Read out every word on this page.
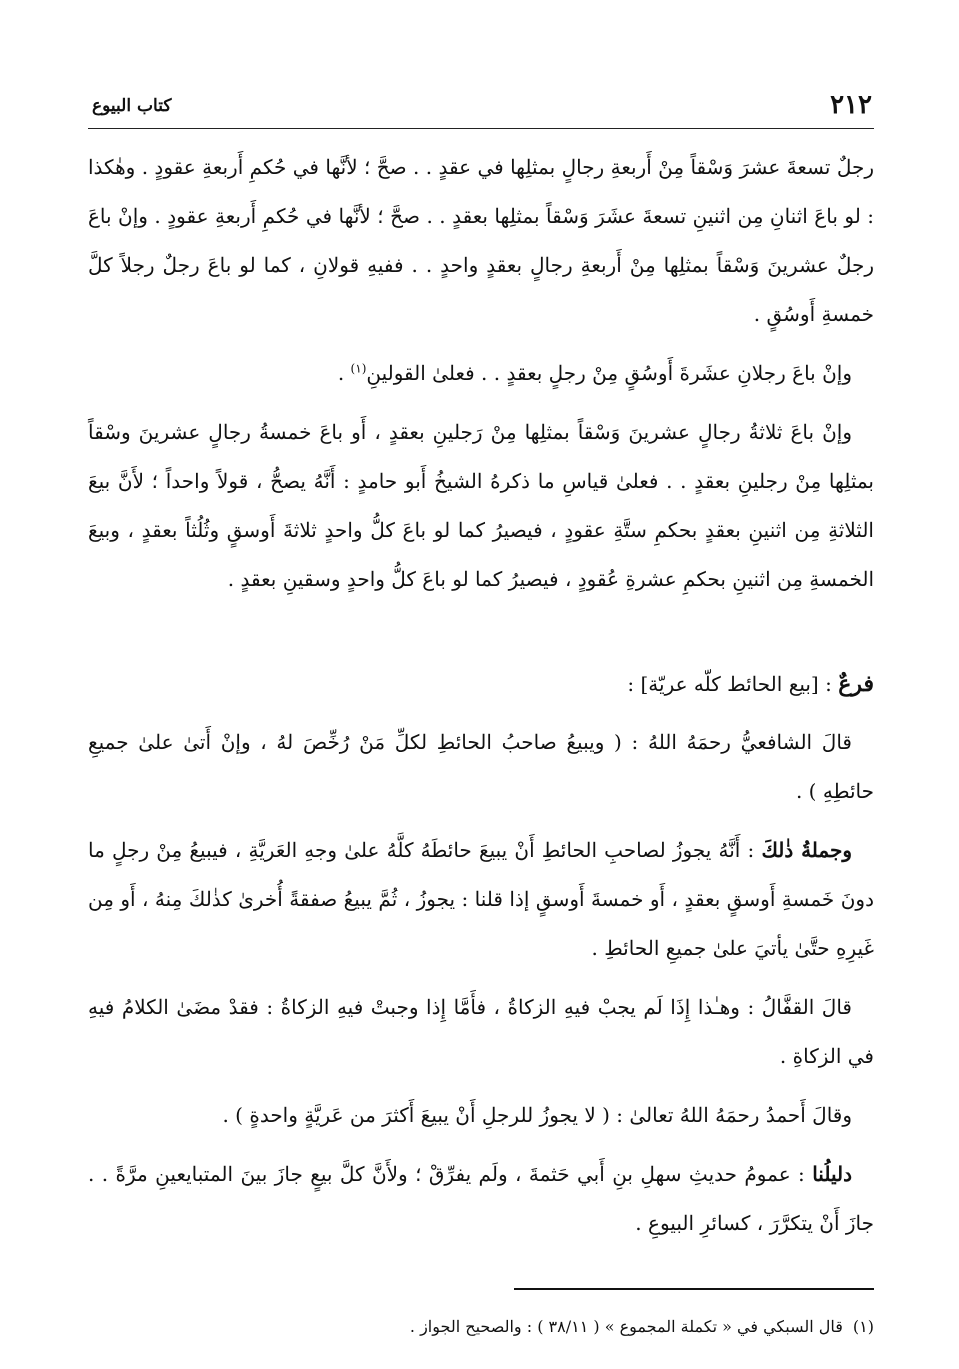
٢١٢
كتاب البيوع

رجلٌ تسعةَ عشرَ وَسْقاً مِنْ أَربعةِ رجالٍ بمثلِها في عقدٍ . . صحَّ ؛ لأنَّها في حُكمِ أَربعةِ عقودٍ . وهٰكذا : لو باعَ اثنانِ مِن اثنينِ تسعةَ عشَرَ وَسْقاً بمثلِها بعقدٍ . . صحَّ ؛ لأنَّها في حُكمِ أَربعةِ عقودٍ . وإنْ باعَ رجلٌ عشرينَ وَسْقاً بمثلِها مِنْ أَربعةِ رجالٍ بعقدٍ واحدٍ . . ففيهِ قولانِ ، كما لو باعَ رجلٌ رجلاً كلَّ خمسةِ أَوسُقٍ .

وإنْ باعَ رجلانِ عشَرةَ أَوسُقٍ مِنْ رجلٍ بعقدٍ . . فعلىٰ القولينِ$^{(١)}$ .

وإنْ باعَ ثلاثةُ رجالٍ عشرينَ وَسْقاً بمثلِها مِنْ رَجلينِ بعقدٍ ، أَو باعَ خمسةُ رجالٍ عشرينَ وسْقاً بمثلِها مِنْ رجلينِ بعقدٍ . . فعلىٰ قياسِ ما ذكرهُ الشيخُ أَبو حامدٍ : أَنَّهُ يصحُّ ، قولاً واحداً ؛ لأَنَّ بيعَ الثلاثةِ مِن اثنينِ بعقدٍ بحكمِ ستَّةِ عقودٍ ، فيصيرُ كما لو باعَ كلُّ واحدٍ ثلاثةَ أَوسقٍ وثُلُثاً بعقدٍ ، وبيعَ الخمسةِ مِن اثنينِ بحكمِ عشرةِ عُقودٍ ، فيصيرُ كما لو باعَ كلُّ واحدٍ وسقينِ بعقدٍ .

فرعٌ : [بيع الحائط كلّه عريّة] :

قالَ الشافعيُّ رحمَهُ اللهُ : ( ويبيعُ صاحبُ الحائطِ لكلِّ مَنْ رُخِّصَ لهُ ، وإنْ أَتىٰ علىٰ جميعِ حائطِهِ ) .

وجملةُ ذٰلكَ : أَنَّهُ يجوزُ لصاحبِ الحائطِ أَنْ يبيعَ حائطَهُ كلَّهُ علىٰ وجهِ العَريَّةِ ، فيبيعُ مِنْ رجلٍ ما دونَ خَمسةِ أَوسقٍ بعقدٍ ، أَو خمسةَ أَوسقٍ إذا قلنا : يجوزُ ، ثُمَّ يبيعُ صفقةً أُخرىٰ كذٰلكَ مِنهُ ، أَو مِن غَيرِهِ حتَّىٰ يأتيَ علىٰ جميعِ الحائطِ .

قالَ القفَّالُ : وهـٰذا إِذَا لَم يجبْ فيهِ الزكاةُ ، فأَمَّا إِذا وجبتْ فيهِ الزكاةُ : فقدْ مضَىٰ الكلامُ فيهِ في الزكاةِ .

وقالَ أَحمدُ رحمَهُ اللهُ تعالىٰ : ( لا يجوزُ للرجلِ أَنْ يبيعَ أَكثرَ من عَريَّةٍ واحدةٍ ) .

دليلُنا : عمومُ حديثِ سهلِ بنِ أَبي حَثمةَ ، ولَم يفرِّقْ ؛ ولأَنَّ كلَّ بيعٍ جازَ بينَ المتبايعينِ مرَّةً . . جازَ أَنْ يتكرَّرَ ، كسائرِ البيوعِ .

(١)قال السبكي في « تكملة المجموع » ( ٣٨/١١ ) : والصحيح الجواز .
